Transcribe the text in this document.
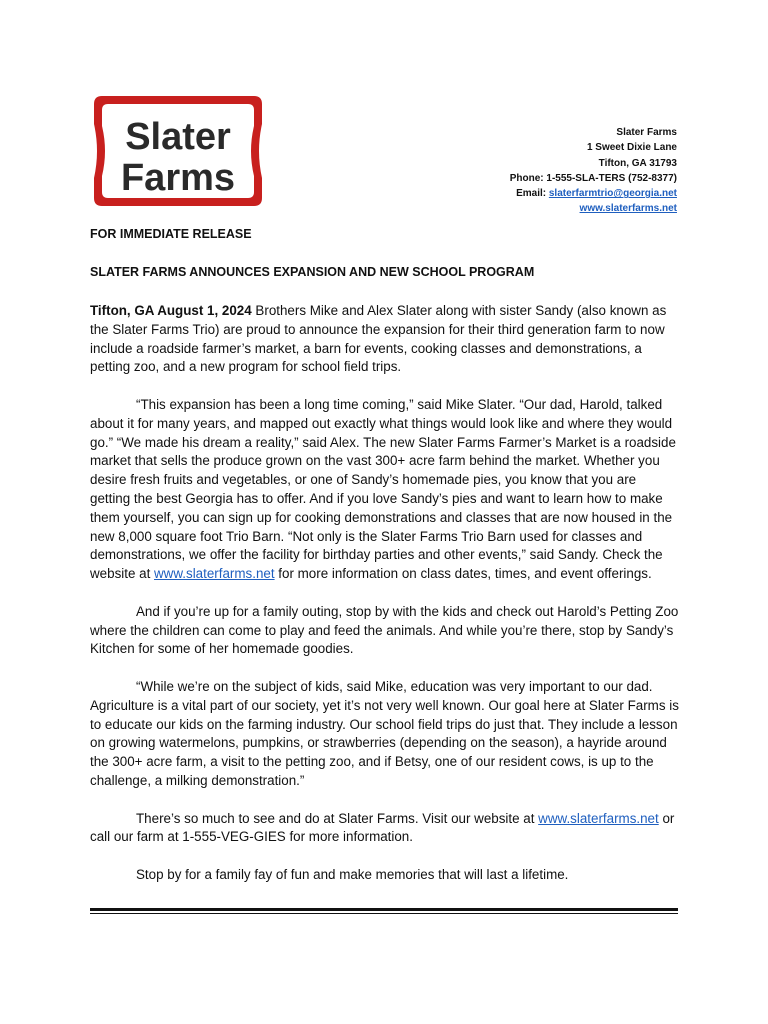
Slater
Farms
Slater Farms
1 Sweet Dixie Lane
Tifton, GA 31793
Phone: 1-555-SLA-TERS (752-8377)
Email: slaterfarmtrio@georgia.net
www.slaterfarms.net
FOR IMMEDIATE RELEASE
SLATER FARMS ANNOUNCES EXPANSION AND NEW SCHOOL PROGRAM

Tifton, GA August 1, 2024 Brothers Mike and Alex Slater along with sister Sandy (also known as the Slater Farms Trio) are proud to announce the expansion for their third generation farm to now include a roadside farmer’s market, a barn for events, cooking classes and demonstrations, a petting zoo, and a new program for school field trips.

“This expansion has been a long time coming,” said Mike Slater. “Our dad, Harold, talked about it for many years, and mapped out exactly what things would look like and where they would go.” “We made his dream a reality,” said Alex. The new Slater Farms Farmer’s Market is a roadside market that sells the produce grown on the vast 300+ acre farm behind the market. Whether you desire fresh fruits and vegetables, or one of Sandy’s homemade pies, you know that you are getting the best Georgia has to offer. And if you love Sandy’s pies and want to learn how to make them yourself, you can sign up for cooking demonstrations and classes that are now housed in the new 8,000 square foot Trio Barn. “Not only is the Slater Farms Trio Barn used for classes and demonstrations, we offer the facility for birthday parties and other events,” said Sandy. Check the website at www.slaterfarms.net for more information on class dates, times, and event offerings.

And if you’re up for a family outing, stop by with the kids and check out Harold’s Petting Zoo where the children can come to play and feed the animals. And while you’re there, stop by Sandy’s Kitchen for some of her homemade goodies.

“While we’re on the subject of kids, said Mike, education was very important to our dad. Agriculture is a vital part of our society, yet it’s not very well known. Our goal here at Slater Farms is to educate our kids on the farming industry. Our school field trips do just that. They include a lesson on growing watermelons, pumpkins, or strawberries (depending on the season), a hayride around the 300+ acre farm, a visit to the petting zoo, and if Betsy, one of our resident cows, is up to the challenge, a milking demonstration.”

There’s so much to see and do at Slater Farms. Visit our website at www.slaterfarms.net or call our farm at 1-555-VEG-GIES for more information.

Stop by for a family fay of fun and make memories that will last a lifetime.
